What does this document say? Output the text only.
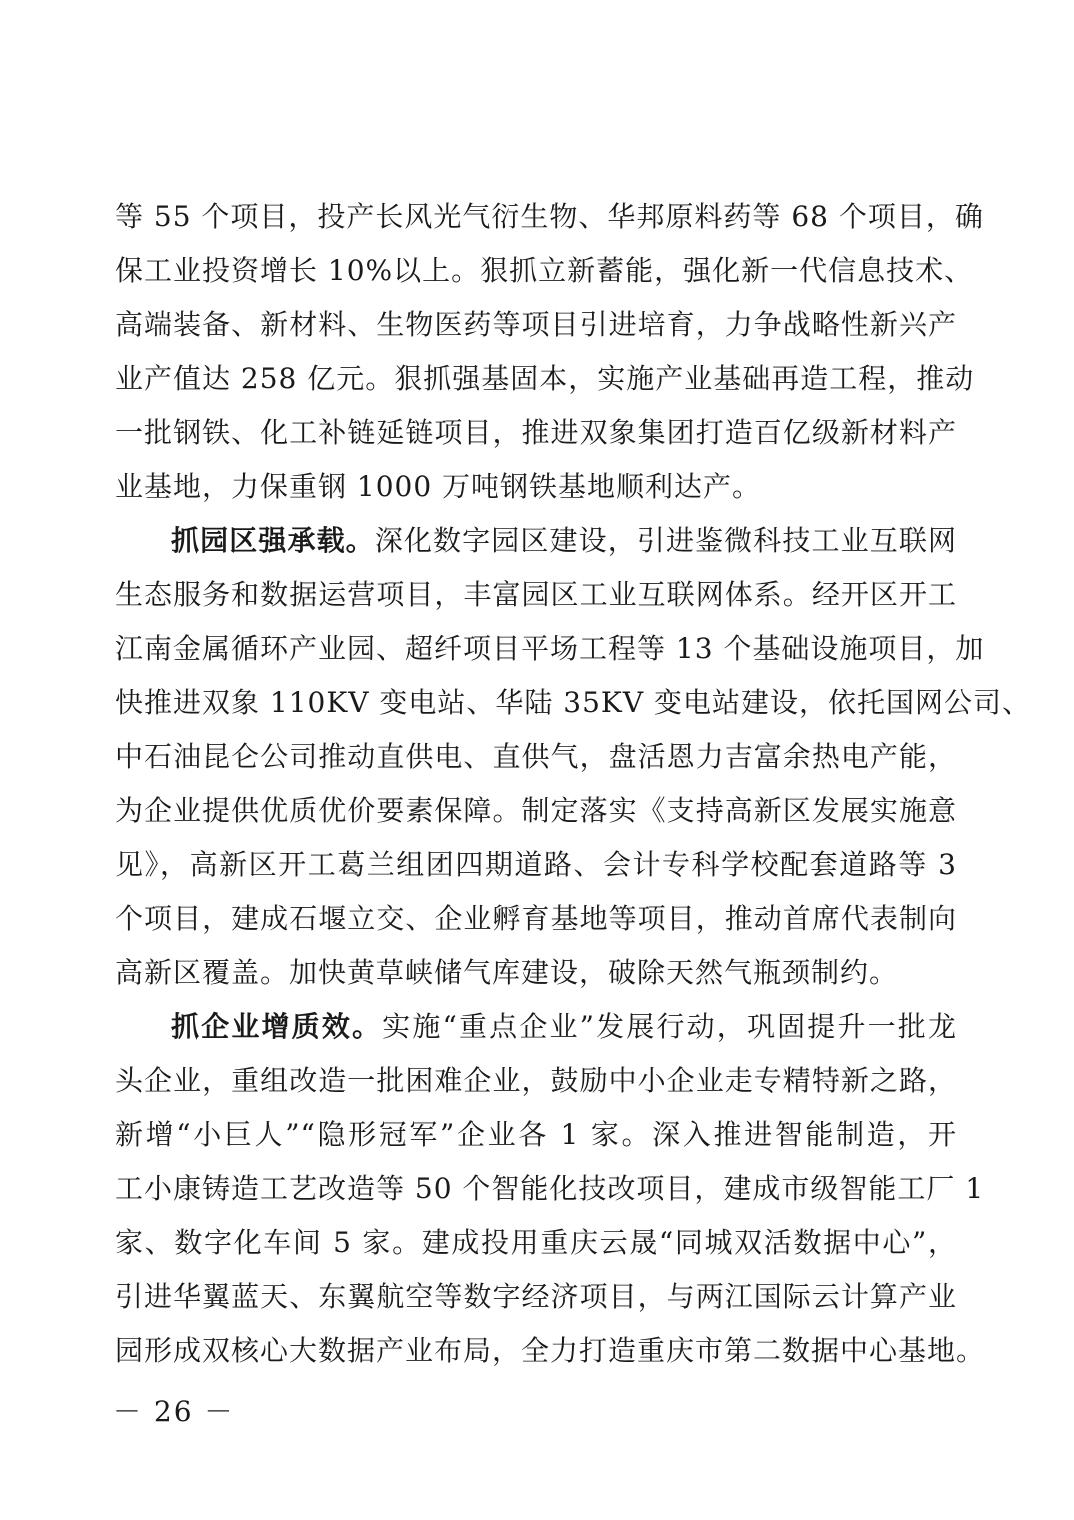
等 55 个项目，投产长风光气衍生物、华邦原料药等 68 个项目，确
保工业投资增长 10%以上。狠抓立新蓄能，强化新一代信息技术、
高端装备、新材料、生物医药等项目引进培育，力争战略性新兴产
业产值达 258 亿元。狠抓强基固本，实施产业基础再造工程，推动
一批钢铁、化工补链延链项目，推进双象集团打造百亿级新材料产
业基地，力保重钢 1000 万吨钢铁基地顺利达产。
抓园区强承载。深化数字园区建设，引进鉴微科技工业互联网
生态服务和数据运营项目，丰富园区工业互联网体系。经开区开工
江南金属循环产业园、超纤项目平场工程等 13 个基础设施项目，加
快推进双象 110KV 变电站、华陆 35KV 变电站建设，依托国网公司、
中石油昆仑公司推动直供电、直供气，盘活恩力吉富余热电产能，
为企业提供优质优价要素保障。制定落实《支持高新区发展实施意
见》，高新区开工葛兰组团四期道路、会计专科学校配套道路等 3
个项目，建成石堰立交、企业孵育基地等项目，推动首席代表制向
高新区覆盖。加快黄草峡储气库建设，破除天然气瓶颈制约。
抓企业增质效。实施“重点企业”发展行动，巩固提升一批龙
头企业，重组改造一批困难企业，鼓励中小企业走专精特新之路，
新增“小巨人”“隐形冠军”企业各 1 家。深入推进智能制造，开
工小康铸造工艺改造等 50 个智能化技改项目，建成市级智能工厂 1
家、数字化车间 5 家。建成投用重庆云晟“同城双活数据中心”，
引进华翼蓝天、东翼航空等数字经济项目，与两江国际云计算产业
园形成双核心大数据产业布局，全力打造重庆市第二数据中心基地。
－ 26 －
